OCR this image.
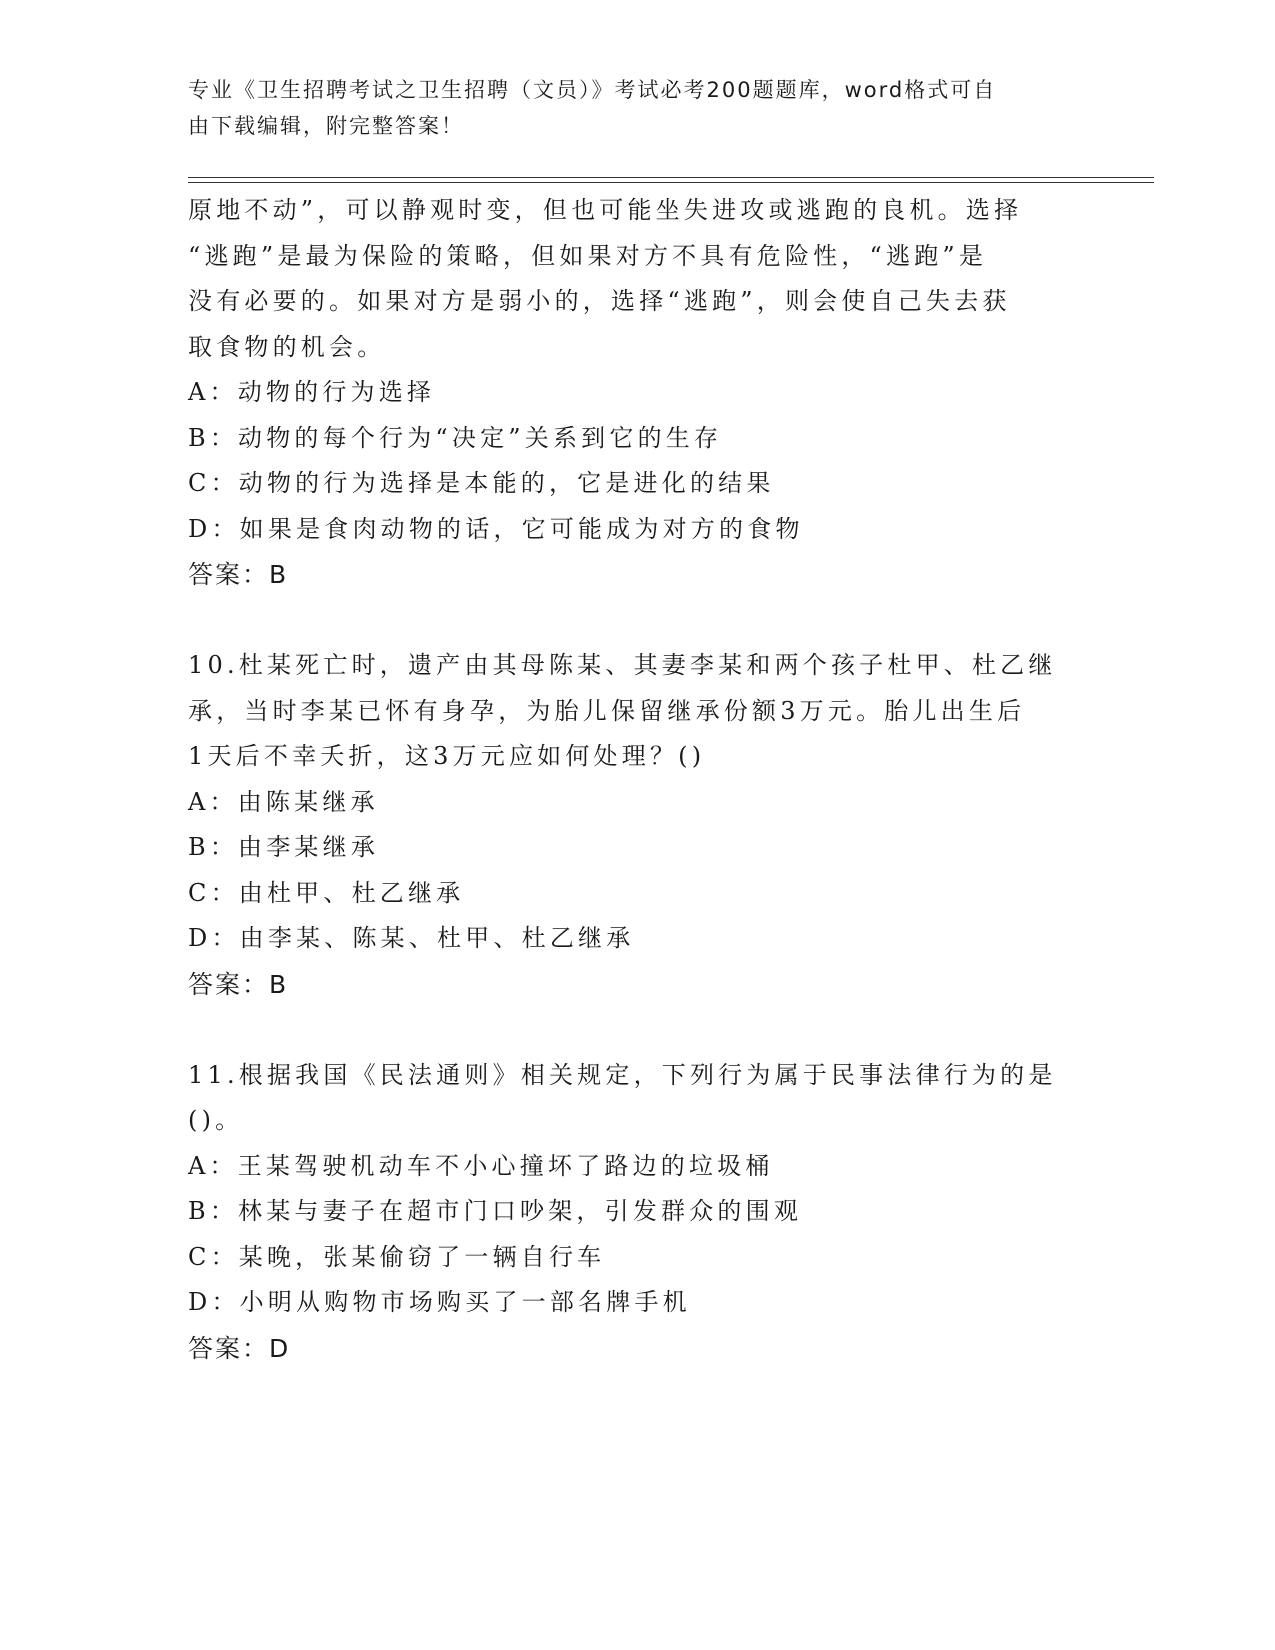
专业《卫生招聘考试之卫生招聘（文员）》考试必考200题题库，word格式可自
由下载编辑，附完整答案！
原地不动”，可以静观时变，但也可能坐失进攻或逃跑的良机。选择
“逃跑”是最为保险的策略，但如果对方不具有危险性，“逃跑”是
没有必要的。如果对方是弱小的，选择“逃跑”，则会使自己失去获
取食物的机会。
A：动物的行为选择
B：动物的每个行为“决定”关系到它的生存
C：动物的行为选择是本能的，它是进化的结果
D：如果是食肉动物的话，它可能成为对方的食物
答案：B
10.杜某死亡时，遗产由其母陈某、其妻李某和两个孩子杜甲、杜乙继
承，当时李某已怀有身孕，为胎儿保留继承份额3万元。胎儿出生后
1天后不幸夭折，这3万元应如何处理？()
A：由陈某继承
B：由李某继承
C：由杜甲、杜乙继承
D：由李某、陈某、杜甲、杜乙继承
答案：B
11.根据我国《民法通则》相关规定，下列行为属于民事法律行为的是
()。
A：王某驾驶机动车不小心撞坏了路边的垃圾桶
B：林某与妻子在超市门口吵架，引发群众的围观
C：某晚，张某偷窃了一辆自行车
D：小明从购物市场购买了一部名牌手机
答案：D
